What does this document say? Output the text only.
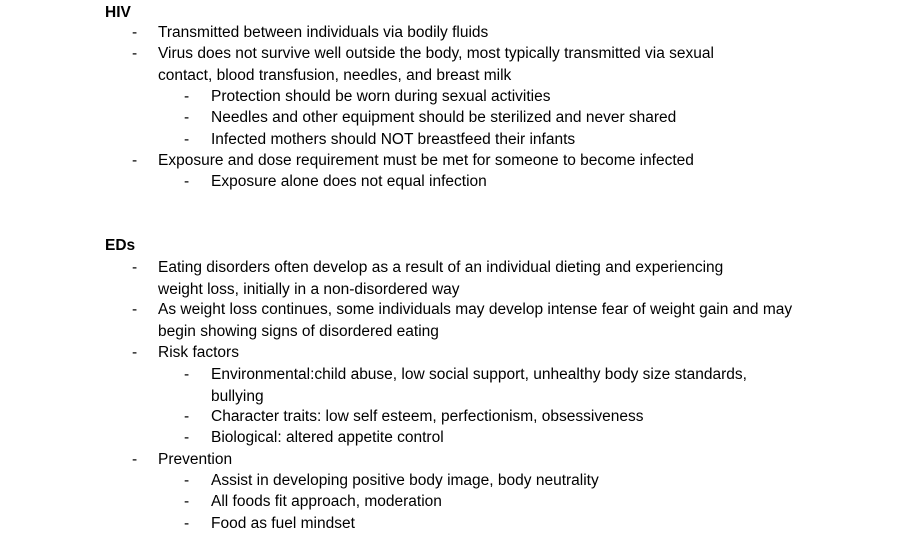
HIV

- Transmitted between individuals via bodily fluids

- Virus does not survive well outside the body, most typically transmitted via sexual contact, blood transfusion, needles, and breast milk

- Protection should be worn during sexual activities

- Needles and other equipment should be sterilized and never shared

- Infected mothers should NOT breastfeed their infants

- Exposure and dose requirement must be met for someone to become infected

- Exposure alone does not equal infection

EDs

- Eating disorders often develop as a result of an individual dieting and experiencing weight loss, initially in a non-disordered way

- As weight loss continues, some individuals may develop intense fear of weight gain and may begin showing signs of disordered eating

- Risk factors

- Environmental:child abuse, low social support, unhealthy body size standards, bullying

- Character traits: low self esteem, perfectionism, obsessiveness

- Biological: altered appetite control

- Prevention

- Assist in developing positive body image, body neutrality

- All foods fit approach, moderation

- Food as fuel mindset
